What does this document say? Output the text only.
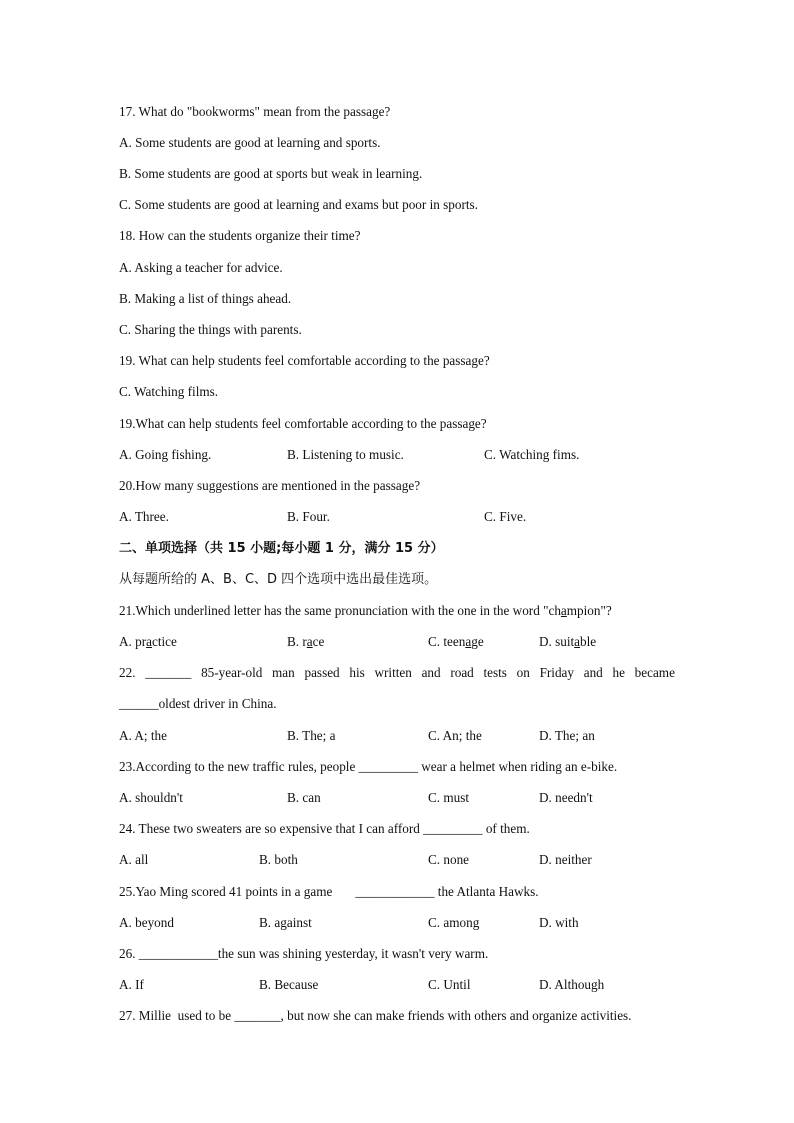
17. What do "bookworms" mean from the passage?
A. Some students are good at learning and sports.
B. Some students are good at sports but weak in learning.
C. Some students are good at learning and exams but poor in sports.
18. How can the students organize their time?
A. Asking a teacher for advice.
B. Making a list of things ahead.
C. Sharing the things with parents.
19. What can help students feel comfortable according to the passage?
C. Watching films.
19.What can help students feel comfortable according to the passage?
A. Going fishing.	B. Listening to music.	C. Watching fims.
20.How many suggestions are mentioned in the passage?
A. Three.	B. Four.	C. Five.
二、单项选择（共 15 小题;每小题 1 分，满分 15 分）
从每题所给的 A、B、C、D 四个选项中选出最佳选项。
21.Which underlined letter has the same pronunciation with the one in the word "champion"?
A. practice	B. race	C. teenage	D. suitable
22. _______ 85-year-old man passed his written and road tests on Friday and he became
______oldest driver in China.
A. A; the	B. The; a	C. An; the	D. The; an
23.According to the new traffic rules, people _________ wear a helmet when riding an e-bike.
A. shouldn't	B. can	C. must	D. needn't
24. These two sweaters are so expensive that I can afford _________ of them.
A. all	B. both	C. none	D. neither
25.Yao Ming scored 41 points in a game       ____________ the Atlanta Hawks.
A. beyond	B. against	C. among	D. with
26. ____________the sun was shining yesterday, it wasn't very warm.
A. If	B. Because	C. Until	D. Although
27. Millie  used to be _______, but now she can make friends with others and organize activities.
